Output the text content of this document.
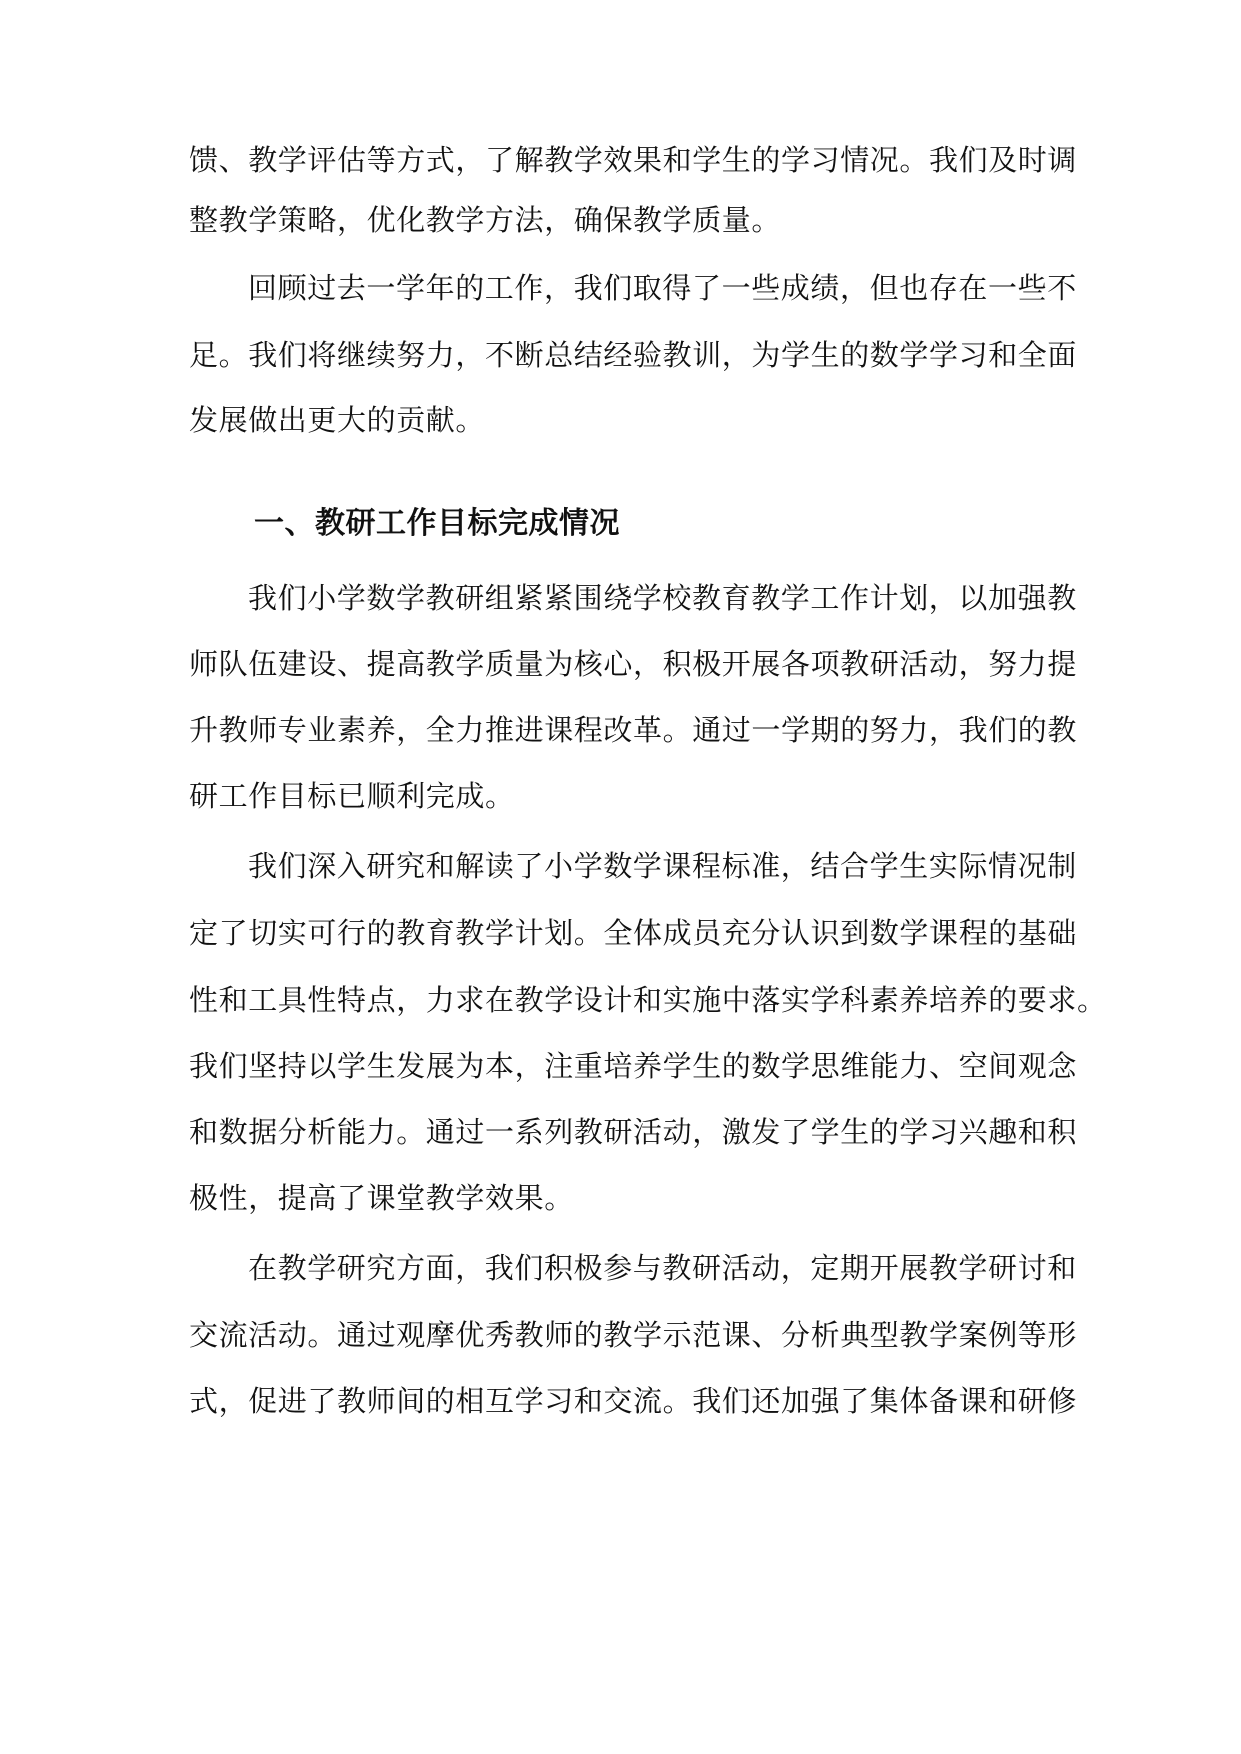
馈、教学评估等方式，了解教学效果和学生的学习情况。我们及时调
整教学策略，优化教学方法，确保教学质量。
回顾过去一学年的工作，我们取得了一些成绩，但也存在一些不
足。我们将继续努力，不断总结经验教训，为学生的数学学习和全面
发展做出更大的贡献。
一、教研工作目标完成情况
我们小学数学教研组紧紧围绕学校教育教学工作计划，以加强教
师队伍建设、提高教学质量为核心，积极开展各项教研活动，努力提
升教师专业素养，全力推进课程改革。通过一学期的努力，我们的教
研工作目标已顺利完成。
我们深入研究和解读了小学数学课程标准，结合学生实际情况制
定了切实可行的教育教学计划。全体成员充分认识到数学课程的基础
性和工具性特点，力求在教学设计和实施中落实学科素养培养的要求。
我们坚持以学生发展为本，注重培养学生的数学思维能力、空间观念
和数据分析能力。通过一系列教研活动，激发了学生的学习兴趣和积
极性，提高了课堂教学效果。
在教学研究方面，我们积极参与教研活动，定期开展教学研讨和
交流活动。通过观摩优秀教师的教学示范课、分析典型教学案例等形
式，促进了教师间的相互学习和交流。我们还加强了集体备课和研修
